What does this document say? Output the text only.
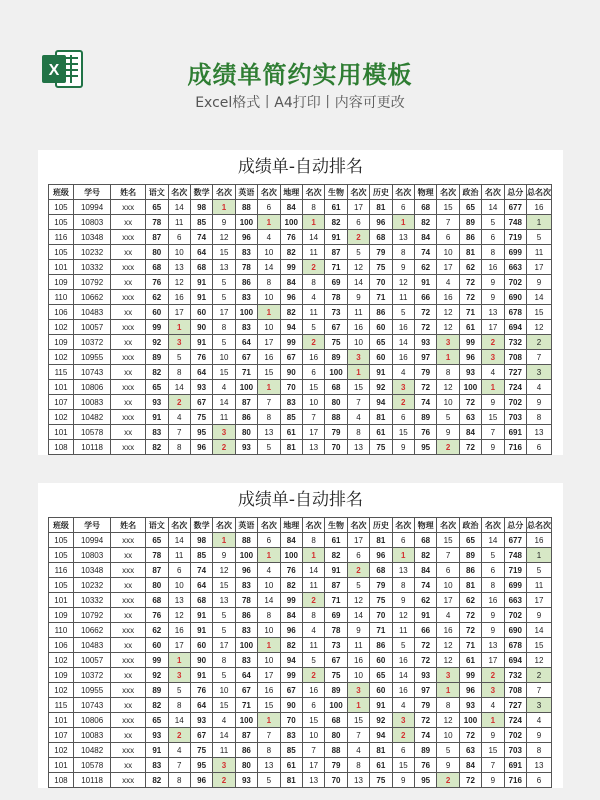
X	成绩单简约实用模板
Excel格式丨A4打印丨内容可更改
成绩单-自动排名
班级	学号	姓名	语文	名次	数学	名次	英语	名次	地理	名次	生物	名次	历史	名次	物理	名次	政治	名次	总分	总名次
105	10994	xxx	65	14	98	1	88	6	84	8	61	17	81	6	68	15	65	14	677	16
105	10803	xx	78	11	85	9	100	1	100	1	82	6	96	1	82	7	89	5	748	1
116	10348	xxx	87	6	74	12	96	4	76	14	91	2	68	13	84	6	86	6	719	5
105	10232	xx	80	10	64	15	83	10	82	11	87	5	79	8	74	10	81	8	699	11
101	10332	xxx	68	13	68	13	78	14	99	2	71	12	75	9	62	17	62	16	663	17
109	10792	xx	76	12	91	5	86	8	84	8	69	14	70	12	91	4	72	9	702	9
110	10662	xxx	62	16	91	5	83	10	96	4	78	9	71	11	66	16	72	9	690	14
106	10483	xx	60	17	60	17	100	1	82	11	73	11	86	5	72	12	71	13	678	15
102	10057	xxx	99	1	90	8	83	10	94	5	67	16	60	16	72	12	61	17	694	12
109	10372	xx	92	3	91	5	64	17	99	2	75	10	65	14	93	3	99	2	732	2
102	10955	xxx	89	5	76	10	67	16	67	16	89	3	60	16	97	1	96	3	708	7
115	10743	xx	82	8	64	15	71	15	90	6	100	1	91	4	79	8	93	4	727	3
101	10806	xxx	65	14	93	4	100	1	70	15	68	15	92	3	72	12	100	1	724	4
107	10083	xx	93	2	67	14	87	7	83	10	80	7	94	2	74	10	72	9	702	9
102	10482	xxx	91	4	75	11	86	8	85	7	88	4	81	6	89	5	63	15	703	8
101	10578	xx	83	7	95	3	80	13	61	17	79	8	61	15	76	9	84	7	691	13
108	10118	xxx	82	8	96	2	93	5	81	13	70	13	75	9	95	2	72	9	716	6
成绩单-自动排名
班级	学号	姓名	语文	名次	数学	名次	英语	名次	地理	名次	生物	名次	历史	名次	物理	名次	政治	名次	总分	总名次
105	10994	xxx	65	14	98	1	88	6	84	8	61	17	81	6	68	15	65	14	677	16
105	10803	xx	78	11	85	9	100	1	100	1	82	6	96	1	82	7	89	5	748	1
116	10348	xxx	87	6	74	12	96	4	76	14	91	2	68	13	84	6	86	6	719	5
105	10232	xx	80	10	64	15	83	10	82	11	87	5	79	8	74	10	81	8	699	11
101	10332	xxx	68	13	68	13	78	14	99	2	71	12	75	9	62	17	62	16	663	17
109	10792	xx	76	12	91	5	86	8	84	8	69	14	70	12	91	4	72	9	702	9
110	10662	xxx	62	16	91	5	83	10	96	4	78	9	71	11	66	16	72	9	690	14
106	10483	xx	60	17	60	17	100	1	82	11	73	11	86	5	72	12	71	13	678	15
102	10057	xxx	99	1	90	8	83	10	94	5	67	16	60	16	72	12	61	17	694	12
109	10372	xx	92	3	91	5	64	17	99	2	75	10	65	14	93	3	99	2	732	2
102	10955	xxx	89	5	76	10	67	16	67	16	89	3	60	16	97	1	96	3	708	7
115	10743	xx	82	8	64	15	71	15	90	6	100	1	91	4	79	8	93	4	727	3
101	10806	xxx	65	14	93	4	100	1	70	15	68	15	92	3	72	12	100	1	724	4
107	10083	xx	93	2	67	14	87	7	83	10	80	7	94	2	74	10	72	9	702	9
102	10482	xxx	91	4	75	11	86	8	85	7	88	4	81	6	89	5	63	15	703	8
101	10578	xx	83	7	95	3	80	13	61	17	79	8	61	15	76	9	84	7	691	13
108	10118	xxx	82	8	96	2	93	5	81	13	70	13	75	9	95	2	72	9	716	6
